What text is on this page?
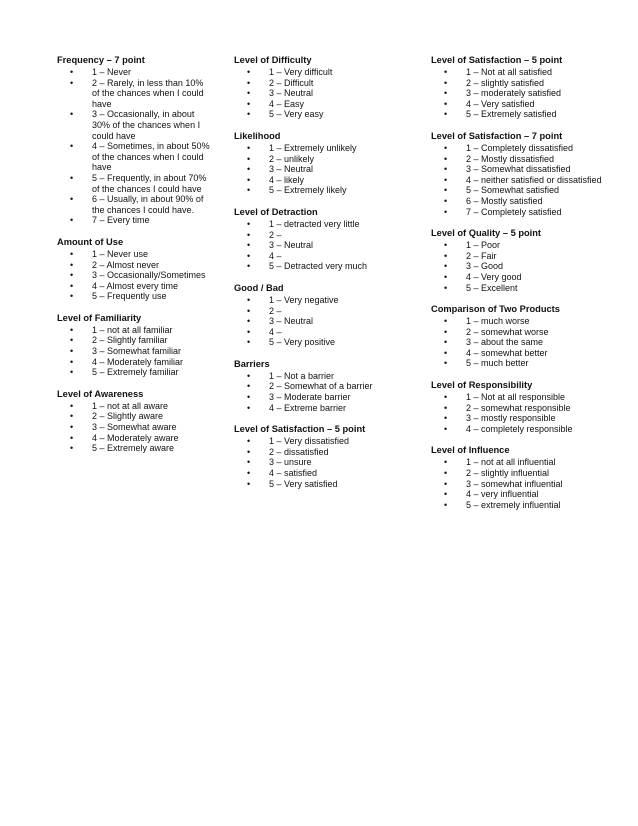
Frequency – 7 point
• 1 – Never
• 2 – Rarely, in less than 10% of the chances when I could have
• 3 – Occasionally, in about 30% of the chances when I could have
• 4 – Sometimes, in about 50% of the chances when I could have
• 5 – Frequently, in about 70% of the chances I could have
• 6 – Usually, in about 90% of the chances I could have.
• 7 – Every time
Amount of Use
• 1 – Never use
• 2 – Almost never
• 3 – Occasionally/Sometimes
• 4 – Almost every time
• 5 – Frequently use
Level of Familiarity
• 1 – not at all familiar
• 2 – Slightly familiar
• 3 – Somewhat familiar
• 4 – Moderately familiar
• 5 – Extremely familiar
Level of Awareness
• 1 – not at all aware
• 2 – Slightly aware
• 3 – Somewhat aware
• 4 – Moderately aware
• 5 – Extremely aware
Level of Difficulty
• 1 – Very difficult
• 2 – Difficult
• 3 – Neutral
• 4 – Easy
• 5 – Very easy
Likelihood
• 1 – Extremely unlikely
• 2 – unlikely
• 3 – Neutral
• 4 – likely
• 5 – Extremely likely
Level of Detraction
• 1 – detracted very little
• 2 –
• 3 – Neutral
• 4 –
• 5 – Detracted very much
Good / Bad
• 1 – Very negative
• 2 –
• 3 – Neutral
• 4 –
• 5 – Very positive
Barriers
• 1 – Not a barrier
• 2 – Somewhat of a barrier
• 3 – Moderate barrier
• 4 – Extreme barrier
Level of Satisfaction – 5 point
• 1 – Very dissatisfied
• 2 – dissatisfied
• 3 – unsure
• 4 – satisfied
• 5 – Very satisfied
Level of Satisfaction – 5 point
• 1 – Not at all satisfied
• 2 – slightly satisfied
• 3 – moderately satisfied
• 4 – Very satisfied
• 5 – Extremely satisfied
Level of Satisfaction – 7 point
• 1 – Completely dissatisfied
• 2 – Mostly dissatisfied
• 3 – Somewhat dissatisfied
• 4 – neither satisfied or dissatisfied
• 5 – Somewhat satisfied
• 6 – Mostly satisfied
• 7 – Completely satisfied
Level of Quality – 5 point
• 1 – Poor
• 2 – Fair
• 3 – Good
• 4 – Very good
• 5 – Excellent
Comparison of Two Products
• 1 – much worse
• 2 – somewhat worse
• 3 – about the same
• 4 – somewhat better
• 5 – much better
Level of Responsibility
• 1 – Not at all responsible
• 2 – somewhat responsible
• 3 – mostly responsible
• 4 – completely responsible
Level of Influence
• 1 – not at all influential
• 2 – slightly influential
• 3 – somewhat influential
• 4 – very influential
• 5 – extremely influential
